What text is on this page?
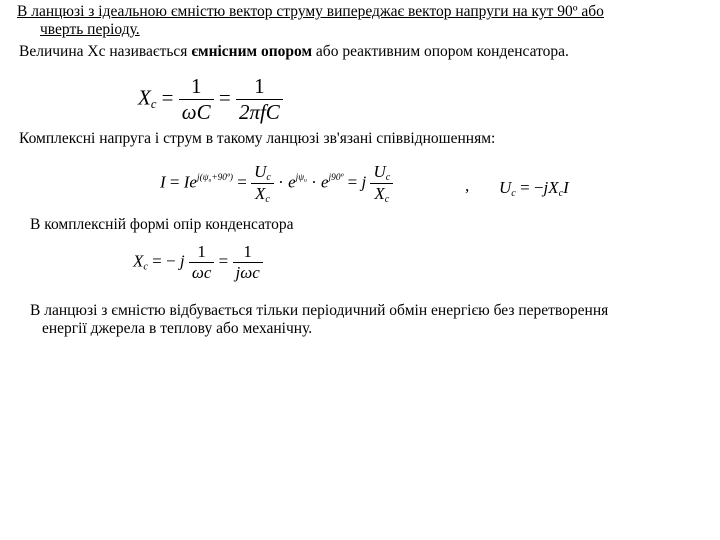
В ланцюзі з ідеальною ємністю вектор струму випереджає вектор напруги на кут 90º або
чверть періоду.
Величина Хс називається ємнісним опором або реактивним опором конденсатора.
$X_c = \frac{1}{\omega C} = \frac{1}{\text{2πfC}}$
Комплексні напруга і струм в такому ланцюзі зв'язані співвідношенням:
$I = Ie^{j(\psi_u+90º)} = \frac{U_c}{X_c} \cdot e^{j\psi_u} \cdot e^{j90º} = j \frac{U_c}{X_c}$	, $U_c = -jX_cI$
В комплексній формі опір конденсатора
$X_c$ = − j $\frac{1}{\omega c} = \frac{1}{\text{jωc}}$
В ланцюзі з ємністю відбувається тільки періодичний обмін енергією без перетворення
енергії джерела в теплову або механічну.
